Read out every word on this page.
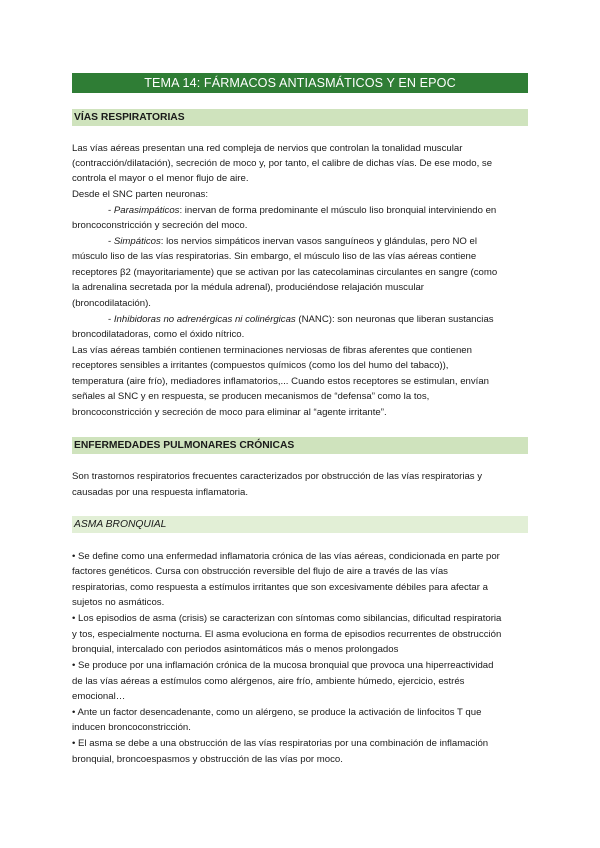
TEMA 14: FÁRMACOS ANTIASMÁTICOS Y EN EPOC
VÍAS RESPIRATORIAS
Las vías aéreas presentan una red compleja de nervios que controlan la tonalidad muscular
(contracción/dilatación), secreción de moco y, por tanto, el calibre de dichas vías. De ese modo, se
controla el mayor o el menor flujo de aire.
Desde el SNC parten neuronas:
- Parasimpáticos: inervan de forma predominante el músculo liso bronquial interviniendo en
broncoconstricción y secreción del moco.
- Simpáticos: los nervios simpáticos inervan vasos sanguíneos y glándulas, pero NO el
músculo liso de las vías respiratorias. Sin embargo, el músculo liso de las vías aéreas contiene
receptores β2 (mayoritariamente) que se activan por las catecolaminas circulantes en sangre (como
la adrenalina secretada por la médula adrenal), produciéndose relajación muscular
(broncodilatación).
- Inhibidoras no adrenérgicas ni colinérgicas (NANC): son neuronas que liberan sustancias
broncodilatadoras, como el óxido nítrico.
Las vías aéreas también contienen terminaciones nerviosas de fibras aferentes que contienen
receptores sensibles a irritantes (compuestos químicos (como los del humo del tabaco)),
temperatura (aire frío), mediadores inflamatorios,... Cuando estos receptores se estimulan, envían
señales al SNC y en respuesta, se producen mecanismos de “defensa” como la tos,
broncoconstricción y secreción de moco para eliminar al “agente irritante”.
ENFERMEDADES PULMONARES CRÓNICAS
Son trastornos respiratorios frecuentes caracterizados por obstrucción de las vías respiratorias y
causadas por una respuesta inflamatoria.
ASMA BRONQUIAL
• Se define como una enfermedad inflamatoria crónica de las vías aéreas, condicionada en parte por
factores genéticos. Cursa con obstrucción reversible del flujo de aire a través de las vías
respiratorias, como respuesta a estímulos irritantes que son excesivamente débiles para afectar a
sujetos no asmáticos.
• Los episodios de asma (crisis) se caracterizan con síntomas como sibilancias, dificultad respiratoria
y tos, especialmente nocturna. El asma evoluciona en forma de episodios recurrentes de obstrucción
bronquial, intercalado con periodos asintomáticos más o menos prolongados
• Se produce por una inflamación crónica de la mucosa bronquial que provoca una hiperreactividad
de las vías aéreas a estímulos como alérgenos, aire frío, ambiente húmedo, ejercicio, estrés
emocional…
• Ante un factor desencadenante, como un alérgeno, se produce la activación de linfocitos T que
inducen broncoconstricción.
• El asma se debe a una obstrucción de las vías respiratorias por una combinación de inflamación
bronquial, broncoespasmos y obstrucción de las vías por moco.
